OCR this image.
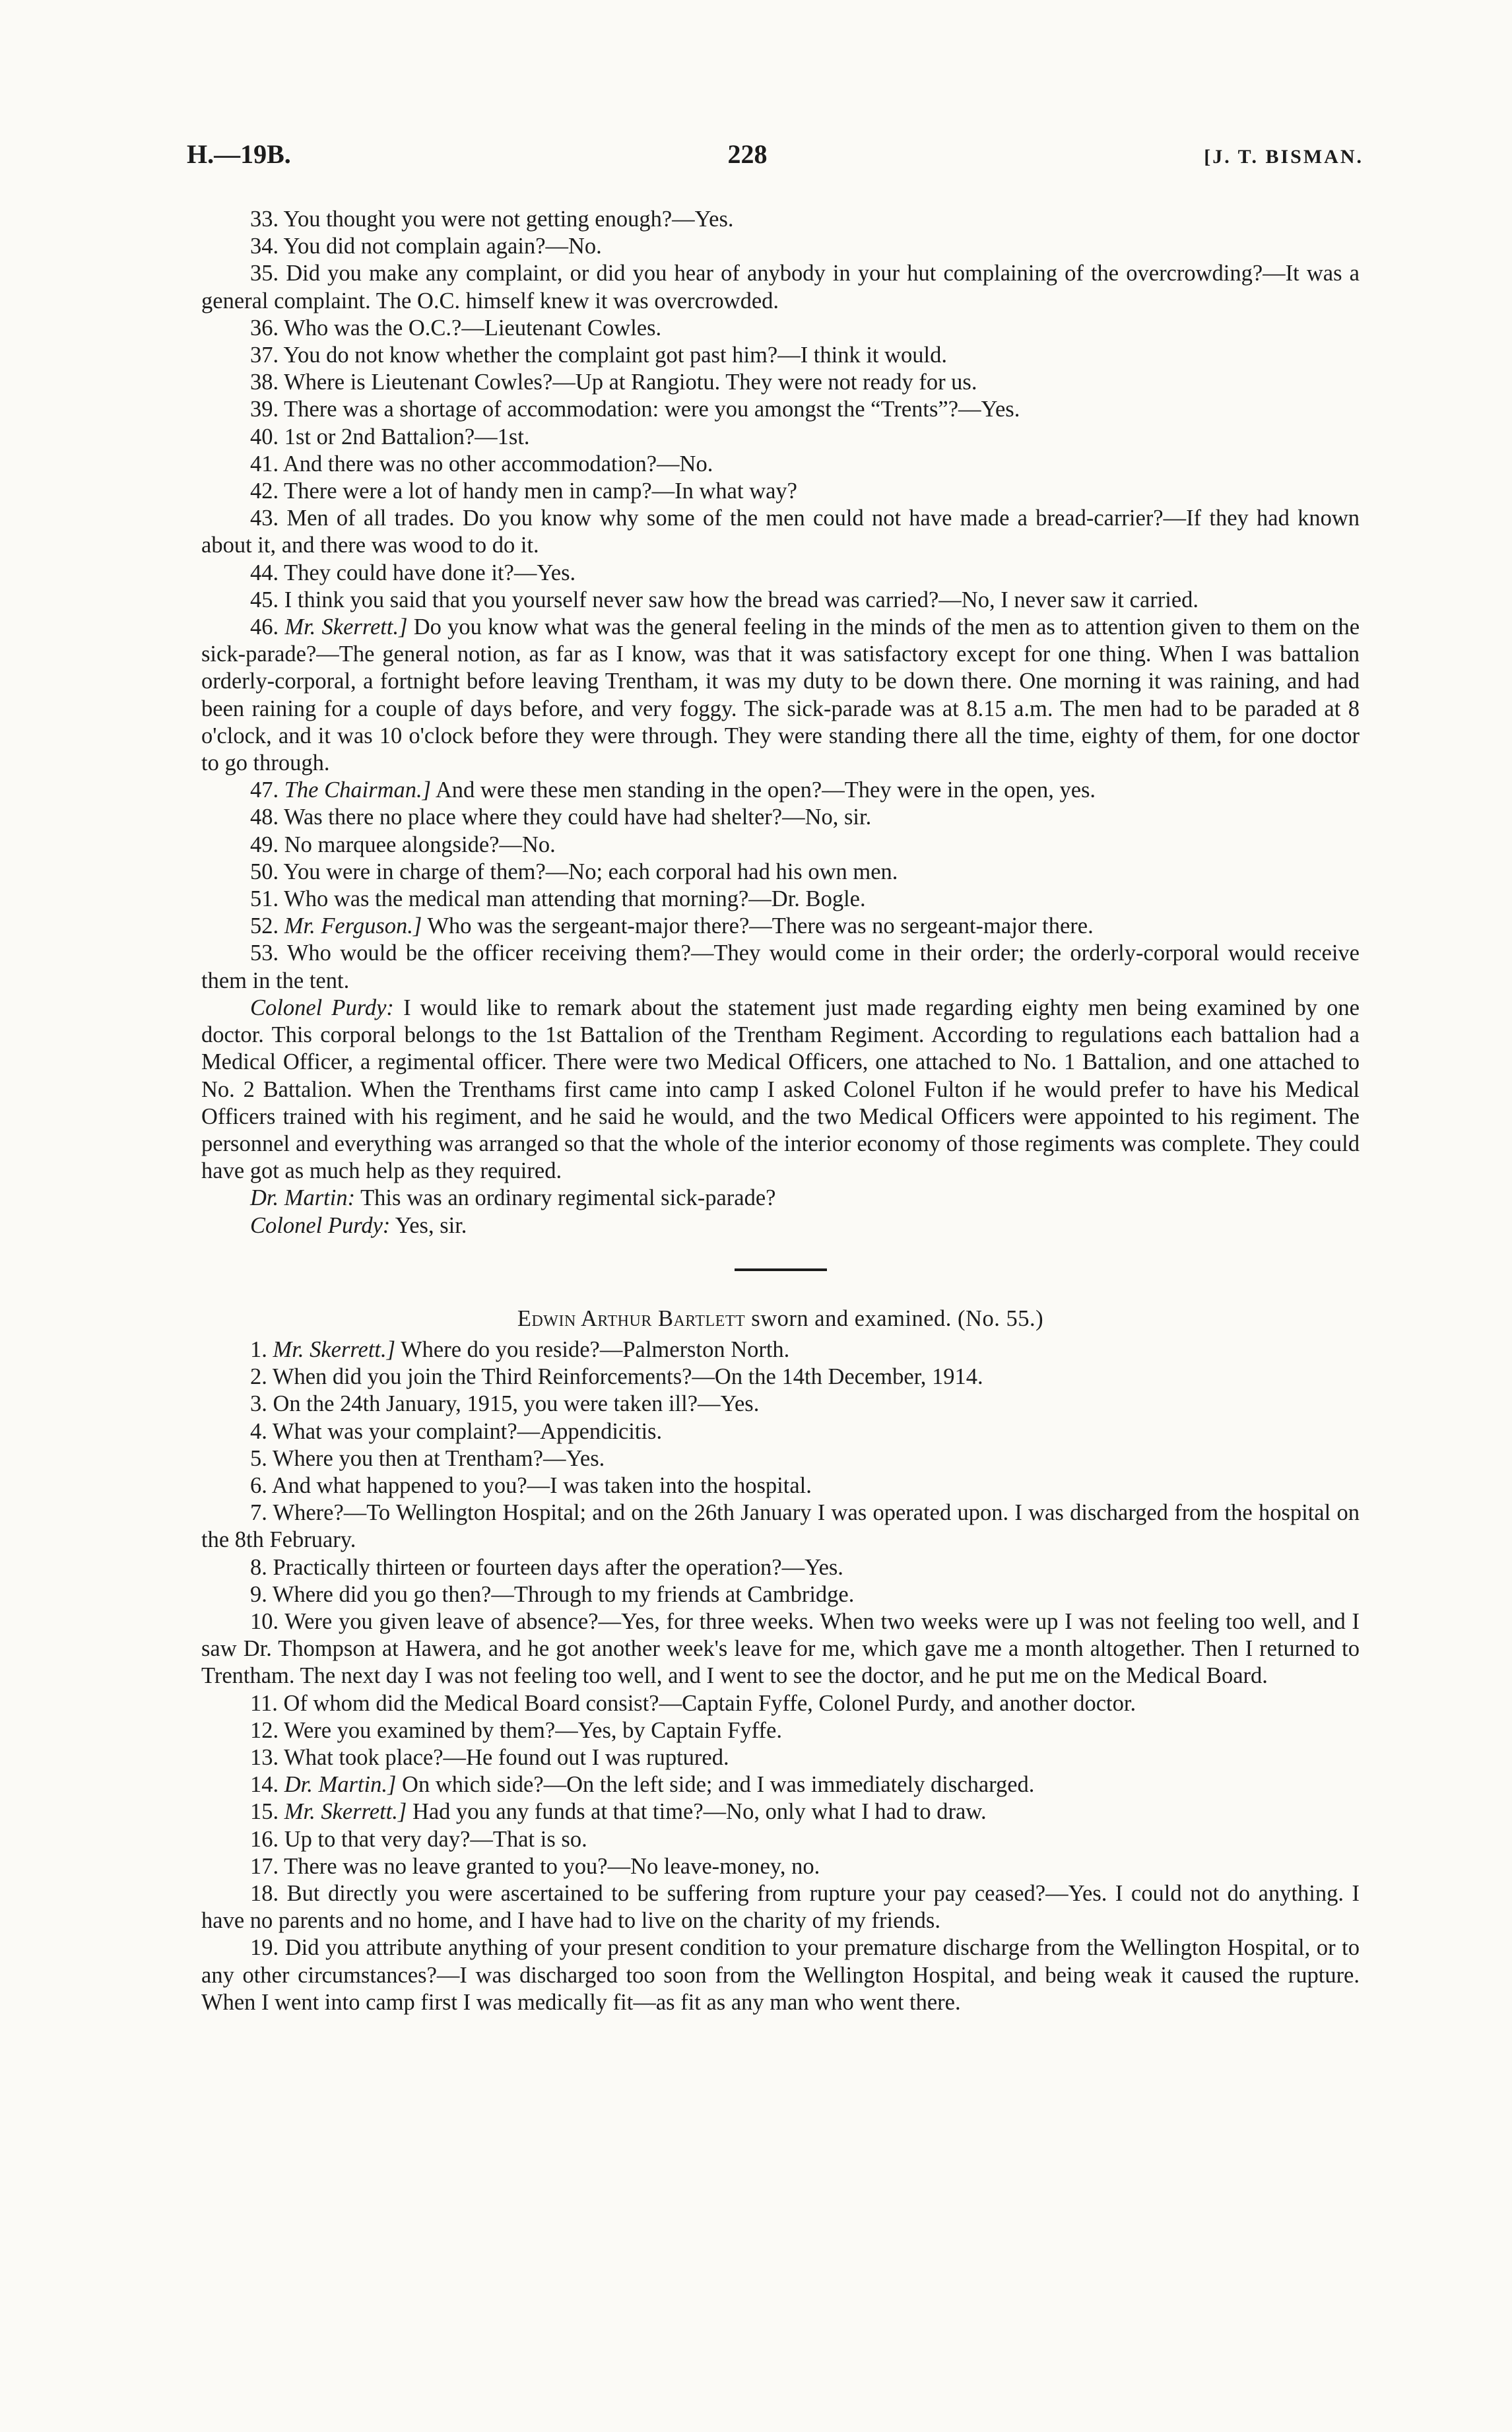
H.—19B.	228	[J. T. BISMAN.

33. You thought you were not getting enough?—Yes.

34. You did not complain again?—No.

35. Did you make any complaint, or did you hear of anybody in your hut complaining of the overcrowding?—It was a general complaint. The O.C. himself knew it was overcrowded.

36. Who was the O.C.?—Lieutenant Cowles.

37. You do not know whether the complaint got past him?—I think it would.

38. Where is Lieutenant Cowles?—Up at Rangiotu. They were not ready for us.

39. There was a shortage of accommodation: were you amongst the “Trents”?—Yes.

40. 1st or 2nd Battalion?—1st.

41. And there was no other accommodation?—No.

42. There were a lot of handy men in camp?—In what way?

43. Men of all trades. Do you know why some of the men could not have made a bread-carrier?—If they had known about it, and there was wood to do it.

44. They could have done it?—Yes.

45. I think you said that you yourself never saw how the bread was carried?—No, I never saw it carried.

46. Mr. Skerrett.] Do you know what was the general feeling in the minds of the men as to attention given to them on the sick-parade?—The general notion, as far as I know, was that it was satisfactory except for one thing. When I was battalion orderly-corporal, a fortnight before leaving Trentham, it was my duty to be down there. One morning it was raining, and had been raining for a couple of days before, and very foggy. The sick-parade was at 8.15 a.m. The men had to be paraded at 8 o'clock, and it was 10 o'clock before they were through. They were standing there all the time, eighty of them, for one doctor to go through.

47. The Chairman.] And were these men standing in the open?—They were in the open, yes.

48. Was there no place where they could have had shelter?—No, sir.

49. No marquee alongside?—No.

50. You were in charge of them?—No; each corporal had his own men.

51. Who was the medical man attending that morning?—Dr. Bogle.

52. Mr. Ferguson.] Who was the sergeant-major there?—There was no sergeant-major there.

53. Who would be the officer receiving them?—They would come in their order; the orderly-corporal would receive them in the tent.

Colonel Purdy: I would like to remark about the statement just made regarding eighty men being examined by one doctor. This corporal belongs to the 1st Battalion of the Trentham Regiment. According to regulations each battalion had a Medical Officer, a regimental officer. There were two Medical Officers, one attached to No. 1 Battalion, and one attached to No. 2 Battalion. When the Trenthams first came into camp I asked Colonel Fulton if he would prefer to have his Medical Officers trained with his regiment, and he said he would, and the two Medical Officers were appointed to his regiment. The personnel and everything was arranged so that the whole of the interior economy of those regiments was complete. They could have got as much help as they required.

Dr. Martin: This was an ordinary regimental sick-parade?

Colonel Purdy: Yes, sir.

Edwin Arthur Bartlett sworn and examined. (No. 55.)

1. Mr. Skerrett.] Where do you reside?—Palmerston North.

2. When did you join the Third Reinforcements?—On the 14th December, 1914.

3. On the 24th January, 1915, you were taken ill?—Yes.

4. What was your complaint?—Appendicitis.

5. Where you then at Trentham?—Yes.

6. And what happened to you?—I was taken into the hospital.

7. Where?—To Wellington Hospital; and on the 26th January I was operated upon. I was discharged from the hospital on the 8th February.

8. Practically thirteen or fourteen days after the operation?—Yes.

9. Where did you go then?—Through to my friends at Cambridge.

10. Were you given leave of absence?—Yes, for three weeks. When two weeks were up I was not feeling too well, and I saw Dr. Thompson at Hawera, and he got another week's leave for me, which gave me a month altogether. Then I returned to Trentham. The next day I was not feeling too well, and I went to see the doctor, and he put me on the Medical Board.

11. Of whom did the Medical Board consist?—Captain Fyffe, Colonel Purdy, and another doctor.

12. Were you examined by them?—Yes, by Captain Fyffe.

13. What took place?—He found out I was ruptured.

14. Dr. Martin.] On which side?—On the left side; and I was immediately discharged.

15. Mr. Skerrett.] Had you any funds at that time?—No, only what I had to draw.

16. Up to that very day?—That is so.

17. There was no leave granted to you?—No leave-money, no.

18. But directly you were ascertained to be suffering from rupture your pay ceased?—Yes. I could not do anything. I have no parents and no home, and I have had to live on the charity of my friends.

19. Did you attribute anything of your present condition to your premature discharge from the Wellington Hospital, or to any other circumstances?—I was discharged too soon from the Wellington Hospital, and being weak it caused the rupture. When I went into camp first I was medically fit—as fit as any man who went there.
